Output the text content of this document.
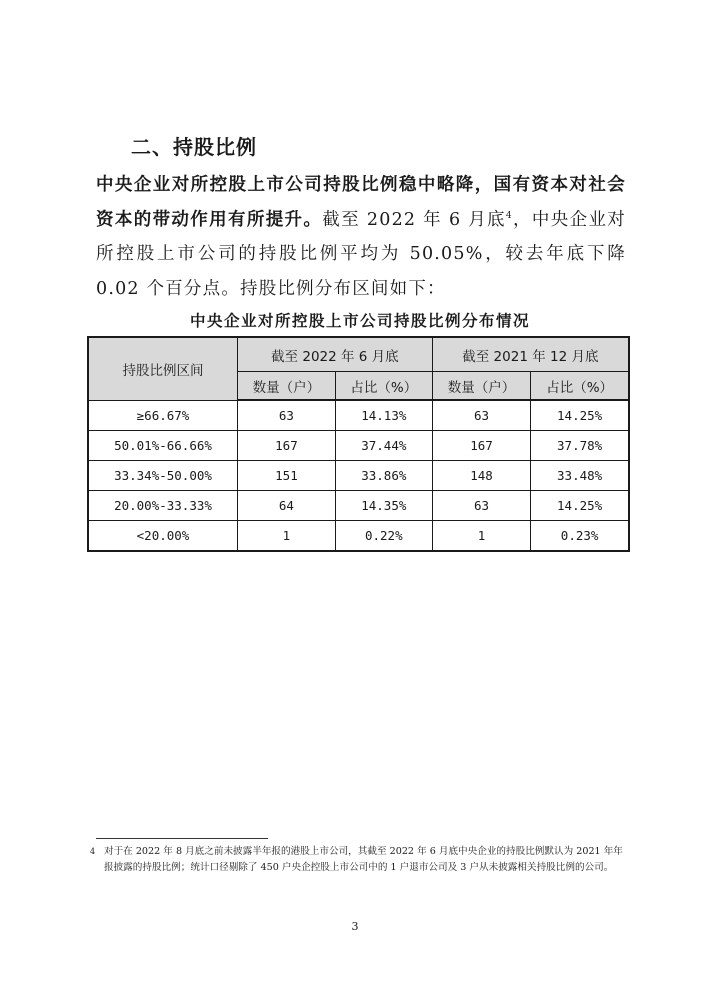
二、持股比例

中央企业对所控股上市公司持股比例稳中略降，国有资本对社会资本的带动作用有所提升。截至 2022 年 6 月底$^4$，中央企业对所控股上市公司的持股比例平均为 50.05%，较去年底下降 0.02 个百分点。持股比例分布区间如下：

中央企业对所控股上市公司持股比例分布情况
持股比例区间	截至 2022 年 6 月底		截至 2021 年 12 月底	
	数量（户）	占比（%）	数量（户）	占比（%）
≥66.67%	63	14.13%	63	14.25%
50.01%-66.66%	167	37.44%	167	37.78%
33.34%-50.00%	151	33.86%	148	33.48%
20.00%-33.33%	64	14.35%	63	14.25%
<20.00%	1	0.22%	1	0.23%
4 对于在 2022 年 8 月底之前未披露半年报的港股上市公司，其截至 2022 年 6 月底中央企业的持股比例默认为 2021 年年报披露的持股比例；统计口径剔除了 450 户央企控股上市公司中的 1 户退市公司及 3 户从未披露相关持股比例的公司。
3
